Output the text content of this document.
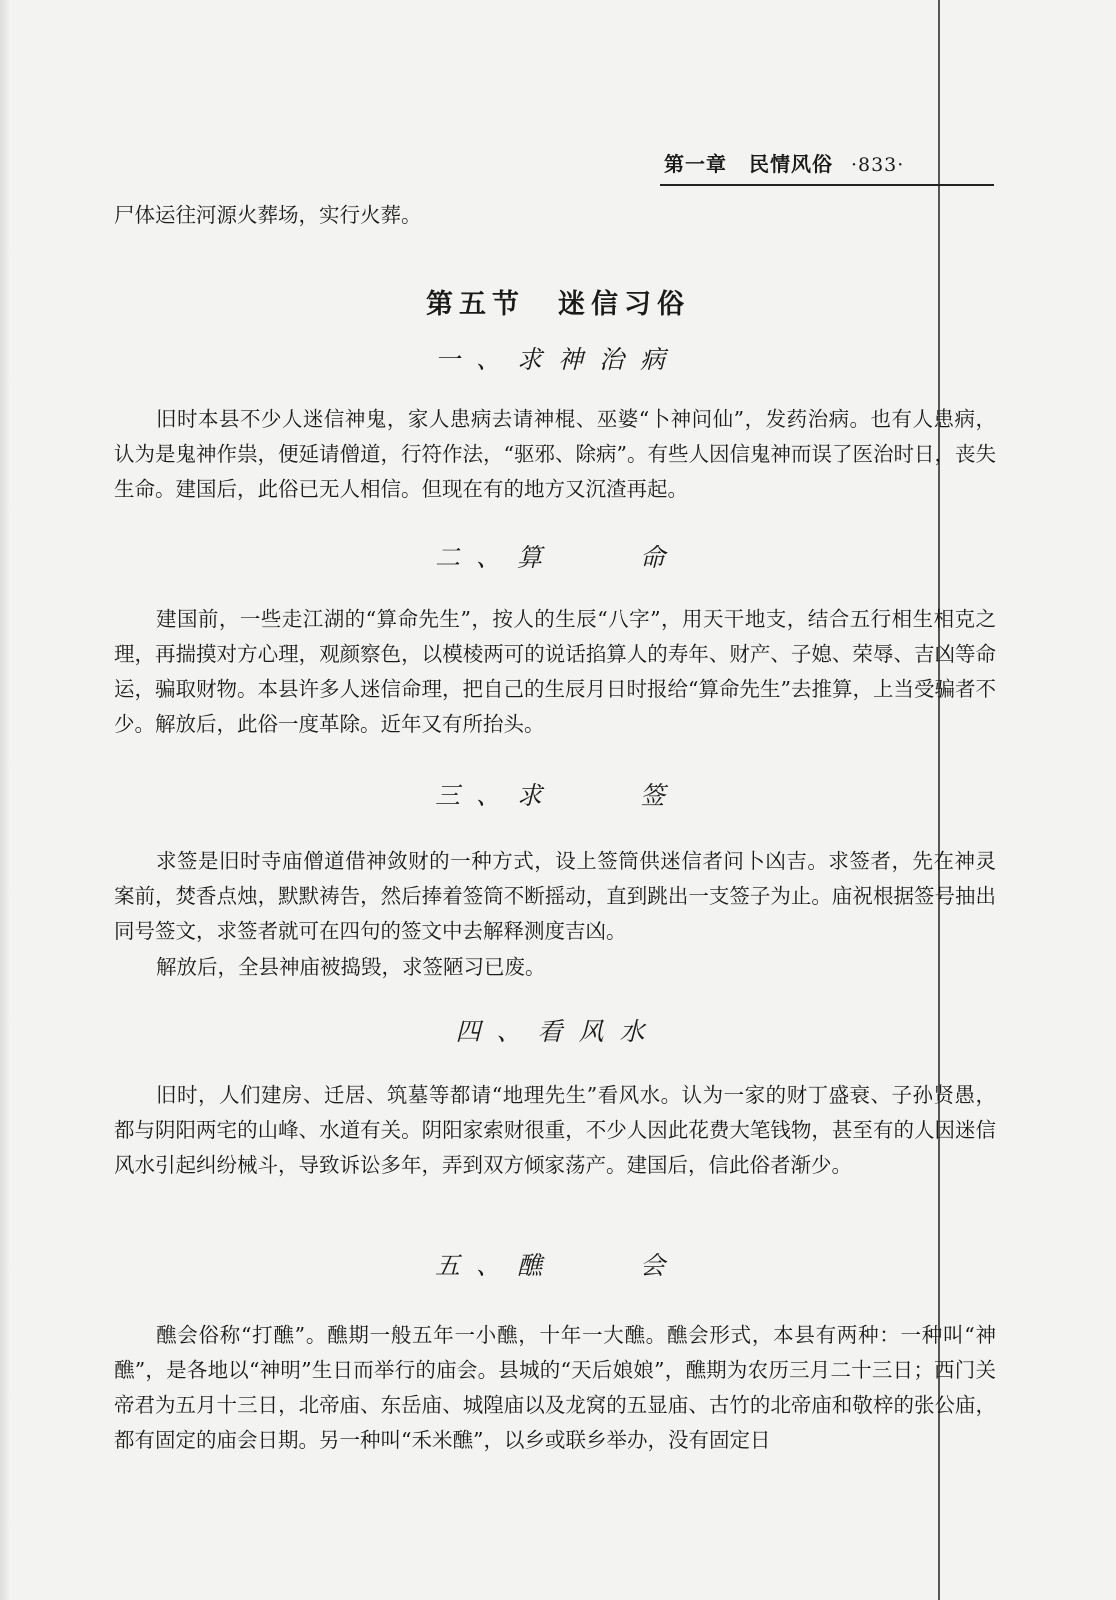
第一章 民情风俗 ·833·

尸体运往河源火葬场，实行火葬。

第五节　迷信习俗
一、求神治病

旧时本县不少人迷信神鬼，家人患病去请神棍、巫婆“卜神问仙”，发药治病。也有人患病，认为是鬼神作祟，便延请僧道，行符作法，“驱邪、除病”。有些人因信鬼神而误了医治时日，丧失生命。建国后，此俗已无人相信。但现在有的地方又沉渣再起。

二、算　　命

建国前，一些走江湖的“算命先生”，按人的生辰“八字”，用天干地支，结合五行相生相克之理，再揣摸对方心理，观颜察色，以模棱两可的说话掐算人的寿年、财产、子媳、荣辱、吉凶等命运，骗取财物。本县许多人迷信命理，把自己的生辰月日时报给“算命先生”去推算，上当受骗者不少。解放后，此俗一度革除。近年又有所抬头。

三、求　　签

求签是旧时寺庙僧道借神敛财的一种方式，设上签筒供迷信者问卜凶吉。求签者，先在神灵案前，焚香点烛，默默祷告，然后捧着签筒不断摇动，直到跳出一支签子为止。庙祝根据签号抽出同号签文，求签者就可在四句的签文中去解释测度吉凶。

解放后，全县神庙被捣毁，求签陋习已废。

四、看风水

旧时，人们建房、迁居、筑墓等都请“地理先生”看风水。认为一家的财丁盛衰、子孙贤愚，都与阴阳两宅的山峰、水道有关。阴阳家索财很重，不少人因此花费大笔钱物，甚至有的人因迷信风水引起纠纷械斗，导致诉讼多年，弄到双方倾家荡产。建国后，信此俗者渐少。

五、醮　　会

醮会俗称“打醮”。醮期一般五年一小醮，十年一大醮。醮会形式，本县有两种：一种叫“神醮”，是各地以“神明”生日而举行的庙会。县城的“天后娘娘”，醮期为农历三月二十三日；西门关帝君为五月十三日，北帝庙、东岳庙、城隍庙以及龙窝的五显庙、古竹的北帝庙和敬梓的张公庙，都有固定的庙会日期。另一种叫“禾米醮”，以乡或联乡举办，没有固定日
